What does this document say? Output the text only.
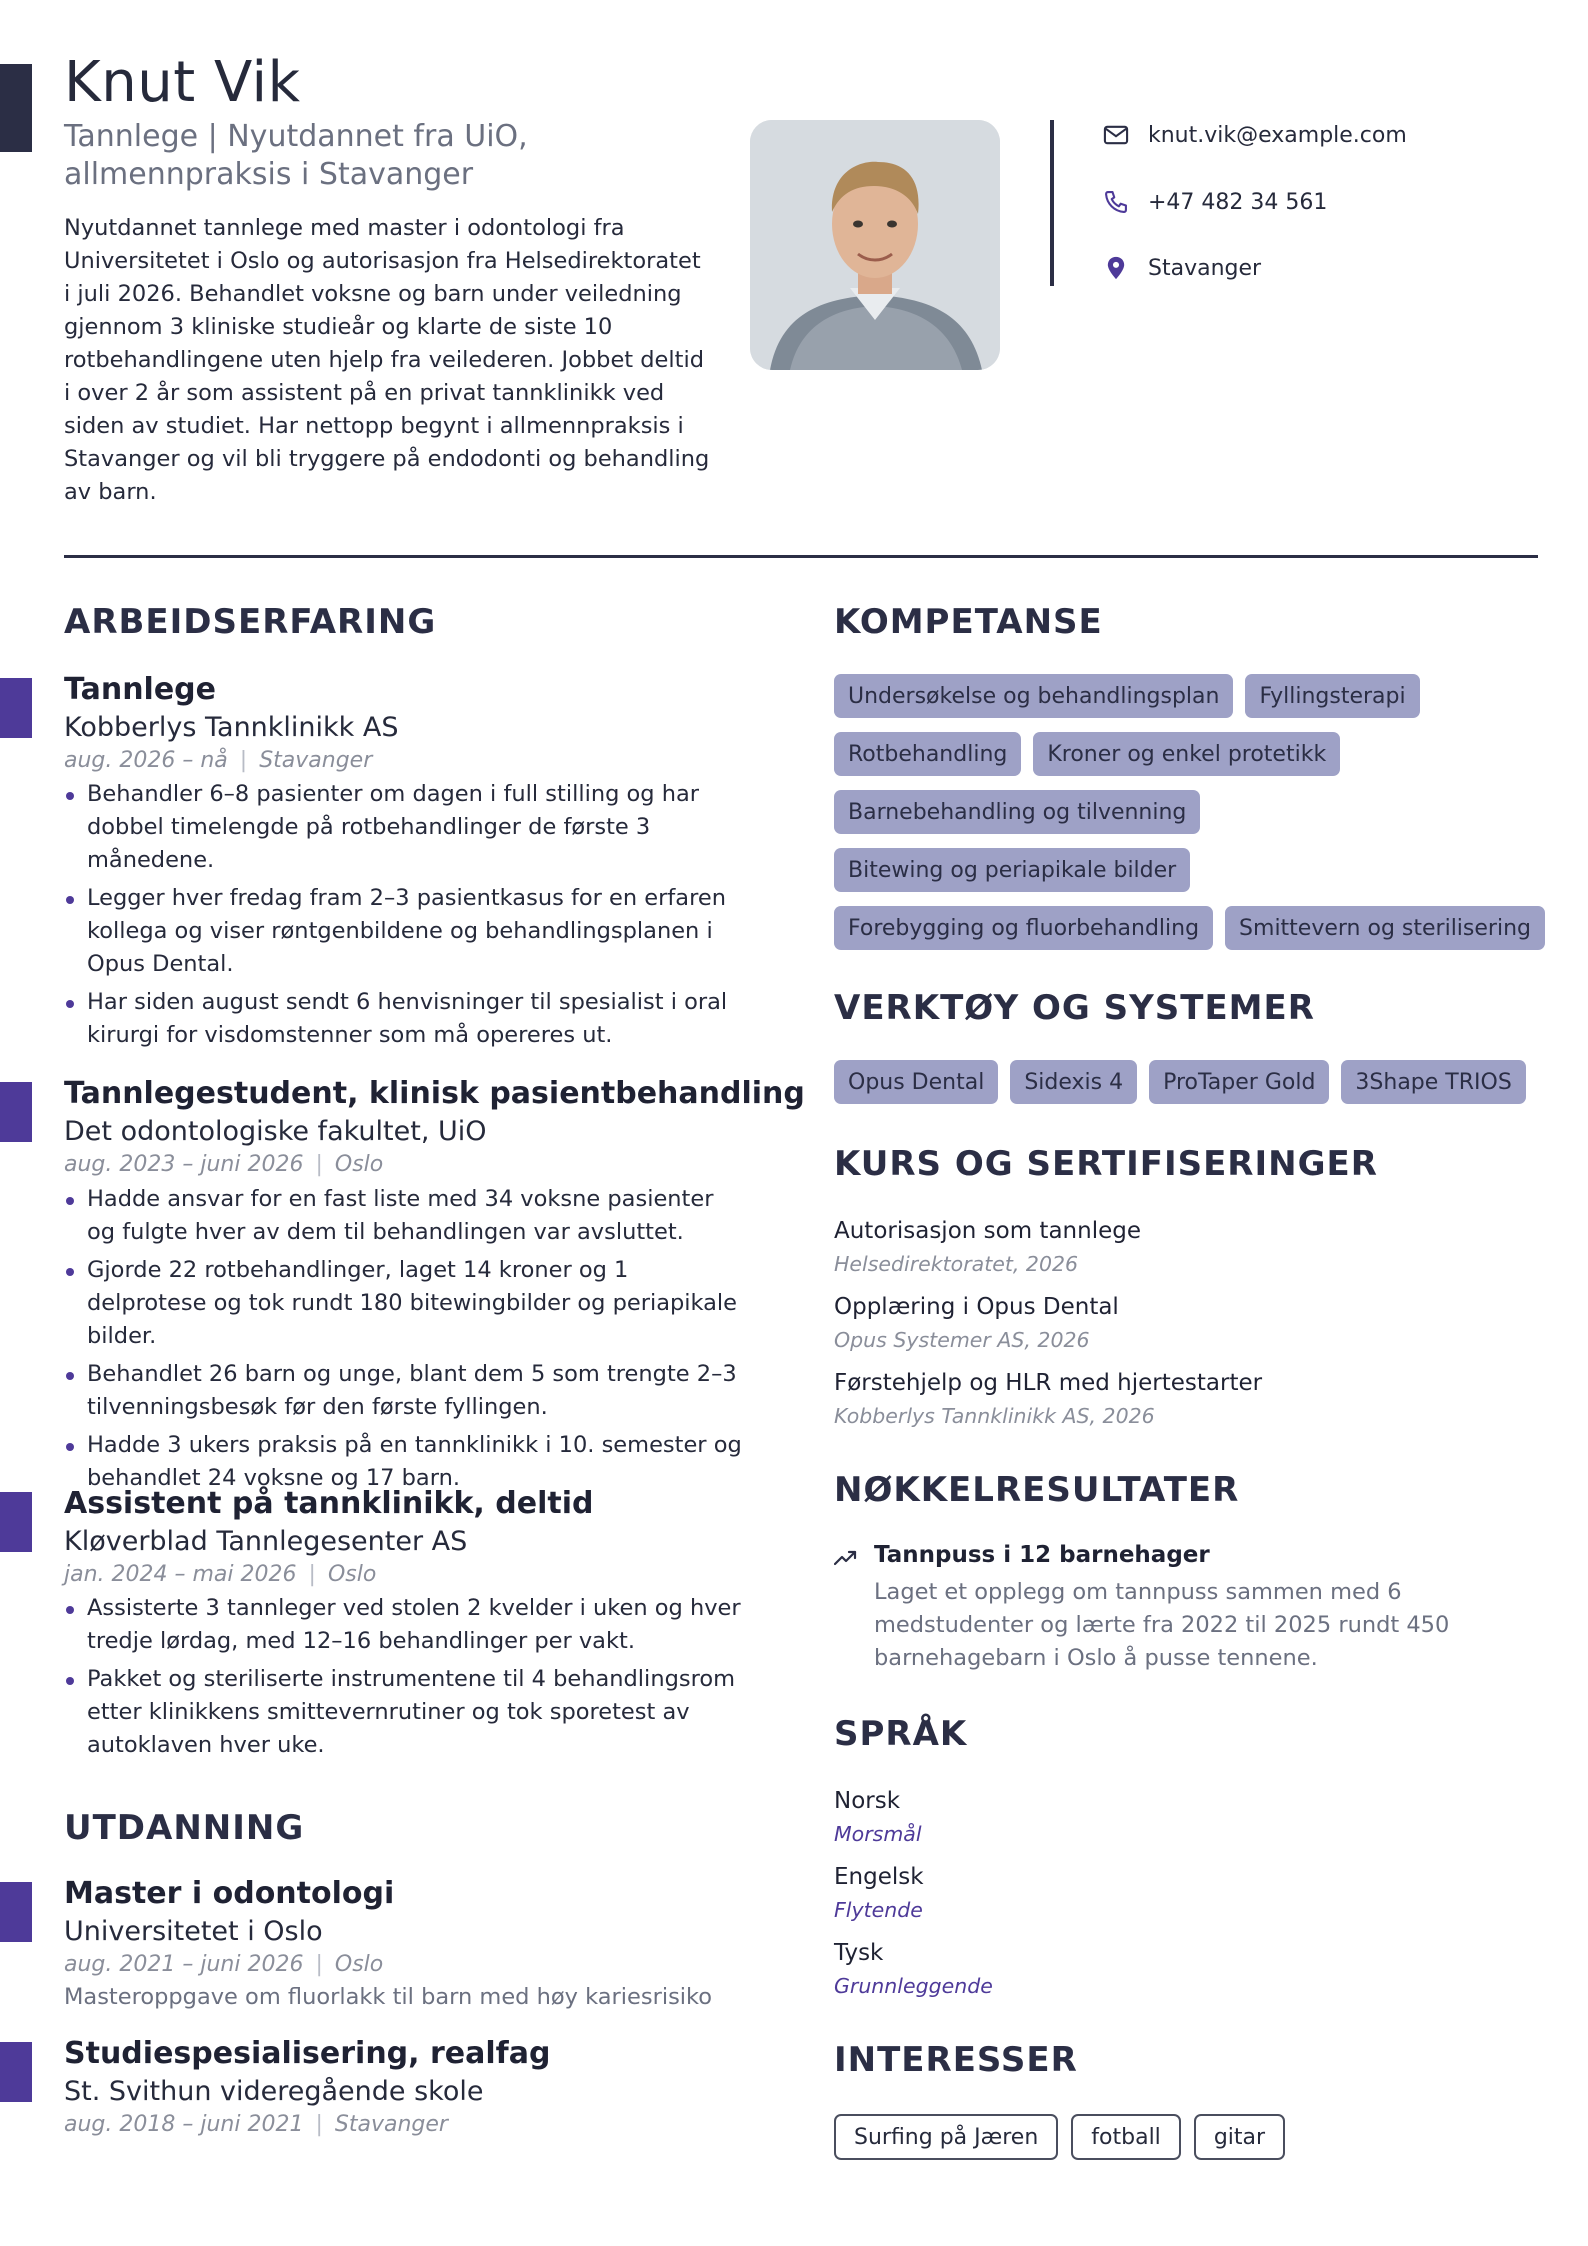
Knut Vik
Tannlege | Nyutdannet fra UiO, allmennpraksis i Stavanger

Nyutdannet tannlege med master i odontologi fra Universitetet i Oslo og autorisasjon fra Helsedirektoratet i juli 2026. Behandlet voksne og barn under veiledning gjennom 3 kliniske studieår og klarte de siste 10 rotbehandlingene uten hjelp fra veilederen. Jobbet deltid i over 2 år som assistent på en privat tannklinikk ved siden av studiet. Har nettopp begynt i allmennpraksis i Stavanger og vil bli tryggere på endodonti og behandling av barn.

knut.vik@example.com
+47 482 34 561
Stavanger
ARBEIDSERFARING
Tannlege
Kobberlys Tannklinikk AS
aug. 2026 – nå | Stavanger
Behandler 6–8 pasienter om dagen i full stilling og har dobbel timelengde på rotbehandlinger de første 3 månedene.
Legger hver fredag fram 2–3 pasientkasus for en erfaren kollega og viser røntgenbildene og behandlingsplanen i Opus Dental.
Har siden august sendt 6 henvisninger til spesialist i oral kirurgi for visdomstenner som må opereres ut.
Tannlegestudent, klinisk pasientbehandling
Det odontologiske fakultet, UiO
aug. 2023 – juni 2026 | Oslo
Hadde ansvar for en fast liste med 34 voksne pasienter og fulgte hver av dem til behandlingen var avsluttet.
Gjorde 22 rotbehandlinger, laget 14 kroner og 1 delprotese og tok rundt 180 bitewingbilder og periapikale bilder.
Behandlet 26 barn og unge, blant dem 5 som trengte 2–3 tilvenningsbesøk før den første fyllingen.
Hadde 3 ukers praksis på en tannklinikk i 10. semester og behandlet 24 voksne og 17 barn.
Assistent på tannklinikk, deltid
Kløverblad Tannlegesenter AS
jan. 2024 – mai 2026 | Oslo
Assisterte 3 tannleger ved stolen 2 kvelder i uken og hver tredje lørdag, med 12–16 behandlinger per vakt.
Pakket og steriliserte instrumentene til 4 behandlingsrom etter klinikkens smittevernrutiner og tok sporetest av autoklaven hver uke.
UTDANNING
Master i odontologi
Universitetet i Oslo
aug. 2021 – juni 2026 | Oslo
Masteroppgave om fluorlakk til barn med høy kariesrisiko
Studiespesialisering, realfag
St. Svithun videregående skole
aug. 2018 – juni 2021 | Stavanger
KOMPETANSE
Undersøkelse og behandlingsplan	Fyllingsterapi
Rotbehandling	Kroner og enkel protetikk
Barnebehandling og tilvenning
Bitewing og periapikale bilder
Forebygging og fluorbehandling	Smittevern og sterilisering
VERKTØY OG SYSTEMER
Opus Dental	Sidexis 4	ProTaper Gold	3Shape TRIOS
KURS OG SERTIFISERINGER
Autorisasjon som tannlege
Helsedirektoratet, 2026
Opplæring i Opus Dental
Opus Systemer AS, 2026
Førstehjelp og HLR med hjertestarter
Kobberlys Tannklinikk AS, 2026
NØKKELRESULTATER
Tannpuss i 12 barnehager
Laget et opplegg om tannpuss sammen med 6 medstudenter og lærte fra 2022 til 2025 rundt 450 barnehagebarn i Oslo å pusse tennene.
SPRÅK
Norsk
Morsmål
Engelsk
Flytende
Tysk
Grunnleggende
INTERESSER
Surfing på Jæren	fotball	gitar
